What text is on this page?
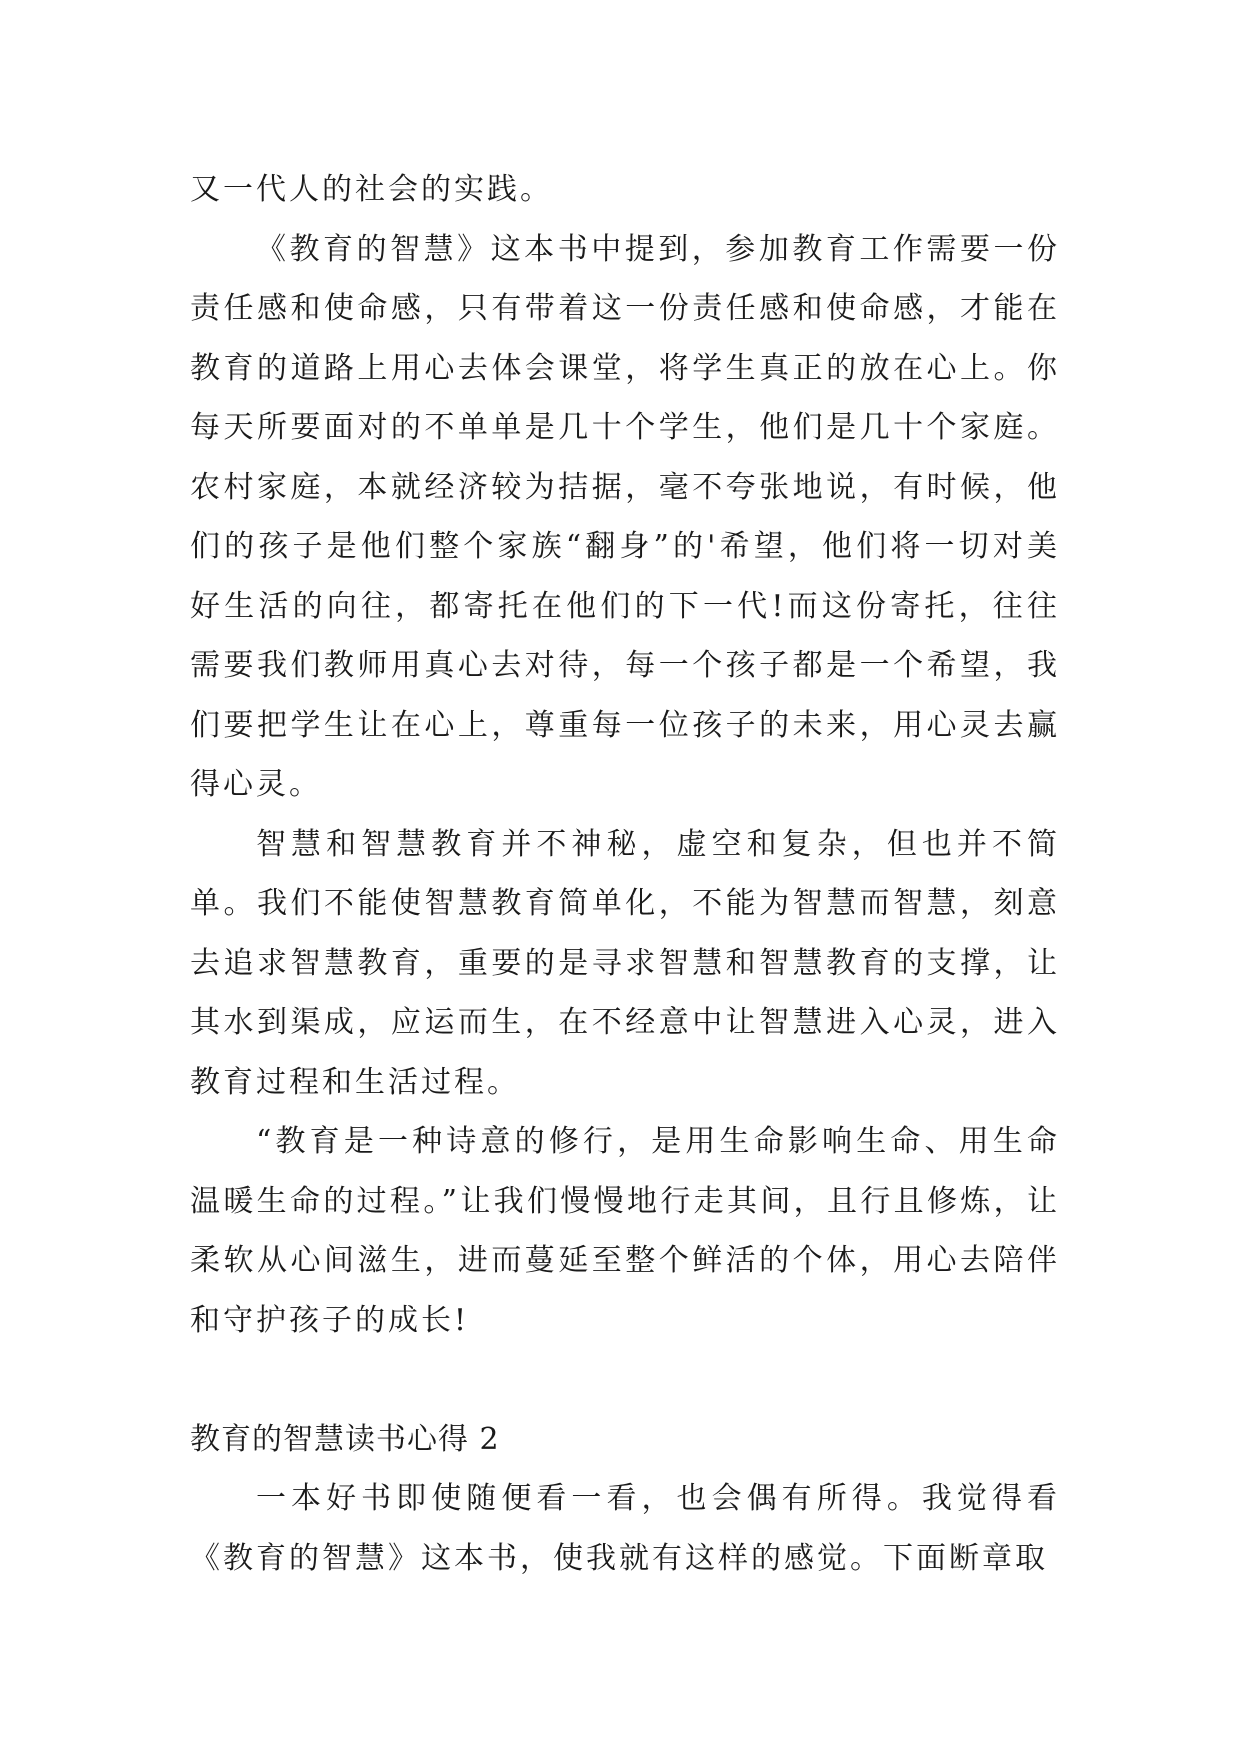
又一代人的社会的实践。

《教育的智慧》这本书中提到，参加教育工作需要一份责任感和使命感，只有带着这一份责任感和使命感，才能在教育的道路上用心去体会课堂，将学生真正的放在心上。你每天所要面对的不单单是几十个学生，他们是几十个家庭。农村家庭，本就经济较为拮据，毫不夸张地说，有时候，他们的孩子是他们整个家族“翻身”的'希望，他们将一切对美好生活的向往，都寄托在他们的下一代!而这份寄托，往往需要我们教师用真心去对待，每一个孩子都是一个希望，我们要把学生让在心上，尊重每一位孩子的未来，用心灵去赢得心灵。

智慧和智慧教育并不神秘，虚空和复杂，但也并不简单。我们不能使智慧教育简单化，不能为智慧而智慧，刻意去追求智慧教育，重要的是寻求智慧和智慧教育的支撑，让其水到渠成，应运而生，在不经意中让智慧进入心灵，进入教育过程和生活过程。

“教育是一种诗意的修行，是用生命影响生命、用生命温暖生命的过程。”让我们慢慢地行走其间，且行且修炼，让柔软从心间滋生，进而蔓延至整个鲜活的个体，用心去陪伴和守护孩子的成长!

教育的智慧读书心得 2

一本好书即使随便看一看，也会偶有所得。我觉得看《教育的智慧》这本书，使我就有这样的感觉。下面断章取
